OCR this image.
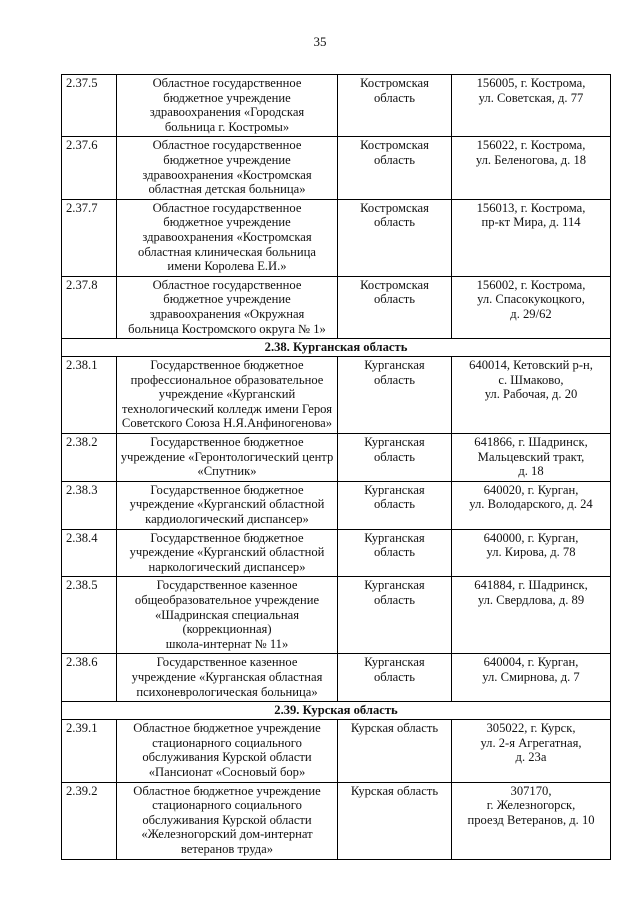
35
2.37.5	Областное государственное
бюджетное учреждение
здравоохранения «Городская
больница г. Костромы»	Костромская
область	156005, г. Кострома,
ул. Советская, д. 77

2.37.6	Областное государственное
бюджетное учреждение
здравоохранения «Костромская
областная детская больница»	Костромская
область	156022, г. Кострома,
ул. Беленогова, д. 18

2.37.7	Областное государственное
бюджетное учреждение
здравоохранения «Костромская
областная клиническая больница
имени Королева Е.И.»	Костромская
область	156013, г. Кострома,
пр-кт Мира, д. 114

2.37.8	Областное государственное
бюджетное учреждение
здравоохранения «Окружная
больница Костромского округа № 1»	Костромская
область	156002, г. Кострома,
ул. Спасокукоцкого,
д. 29/62

2.38. Курганская область			
2.38.1	Государственное бюджетное
профессиональное образовательное
учреждение «Курганский
технологический колледж имени Героя
Советского Союза Н.Я.Анфиногенова»	Курганская
область	640014, Кетовский р-н,
с. Шмаково,
ул. Рабочая, д. 20

2.38.2	Государственное бюджетное
учреждение «Геронтологический центр
«Спутник»	Курганская
область	641866, г. Шадринск,
Мальцевский тракт,
д. 18

2.38.3	Государственное бюджетное
учреждение «Курганский областной
кардиологический диспансер»	Курганская
область	640020, г. Курган,
ул. Володарского, д. 24

2.38.4	Государственное бюджетное
учреждение «Курганский областной
наркологический диспансер»	Курганская
область	640000, г. Курган,
ул. Кирова, д. 78

2.38.5	Государственное казенное
общеобразовательное учреждение
«Шадринская специальная
(коррекционная)
школа-интернат № 11»	Курганская
область	641884, г. Шадринск,
ул. Свердлова, д. 89

2.38.6	Государственное казенное
учреждение «Курганская областная
психоневрологическая больница»	Курганская
область	640004, г. Курган,
ул. Смирнова, д. 7

2.39. Курская область			
2.39.1	Областное бюджетное учреждение
стационарного социального
обслуживания Курской области
«Пансионат «Сосновый бор»	Курская область	305022, г. Курск,
ул. 2-я Агрегатная,
д. 23а

2.39.2	Областное бюджетное учреждение
стационарного социального
обслуживания Курской области
«Железногорский дом-интернат
ветеранов труда»	Курская область	307170,
г. Железногорск,
проезд Ветеранов, д. 10
